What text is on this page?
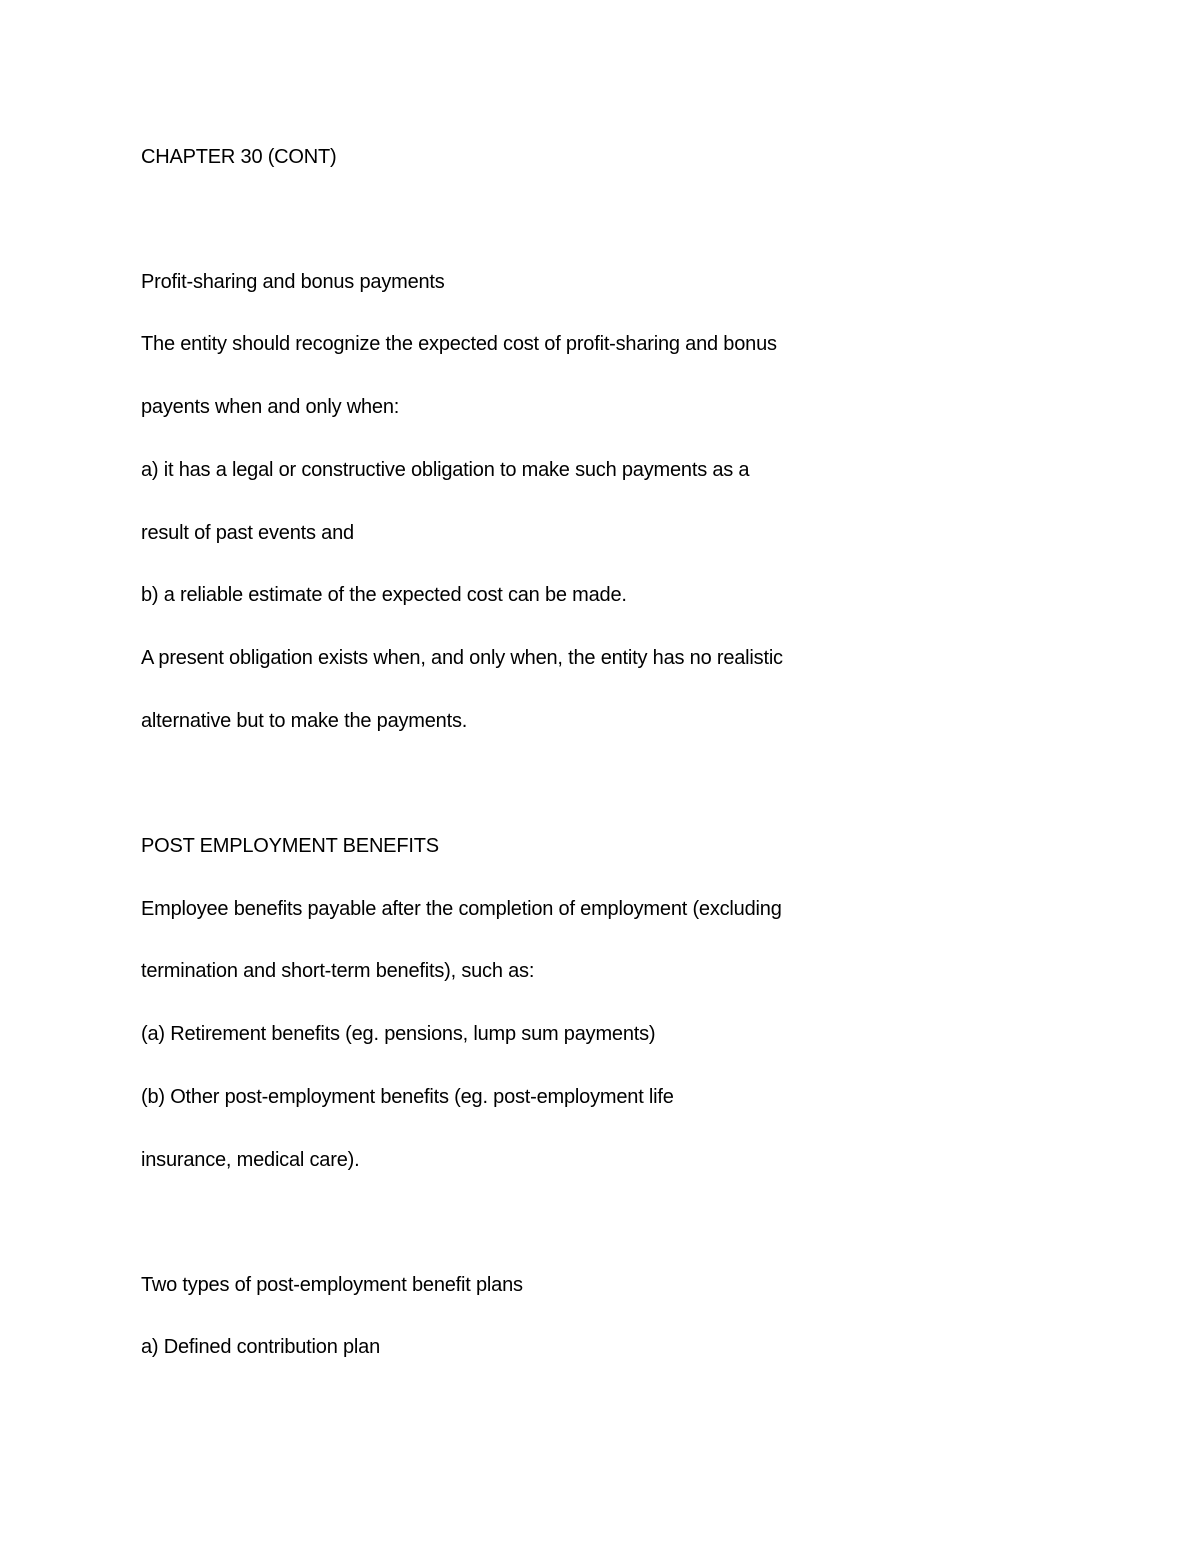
CHAPTER 30 (CONT)
Profit-sharing and bonus payments
The entity should recognize the expected cost of profit-sharing and bonus
payents when and only when:
a) it has a legal or constructive obligation to make such payments as a
result of past events and
b) a reliable estimate of the expected cost can be made.
A present obligation exists when, and only when, the entity has no realistic
alternative but to make the payments.
POST EMPLOYMENT BENEFITS
Employee benefits payable after the completion of employment (excluding
termination and short-term benefits), such as:
(a) Retirement benefits (eg. pensions, lump sum payments)
(b) Other post-employment benefits (eg. post-employment life
insurance, medical care).
Two types of post-employment benefit plans
a) Defined contribution plan
